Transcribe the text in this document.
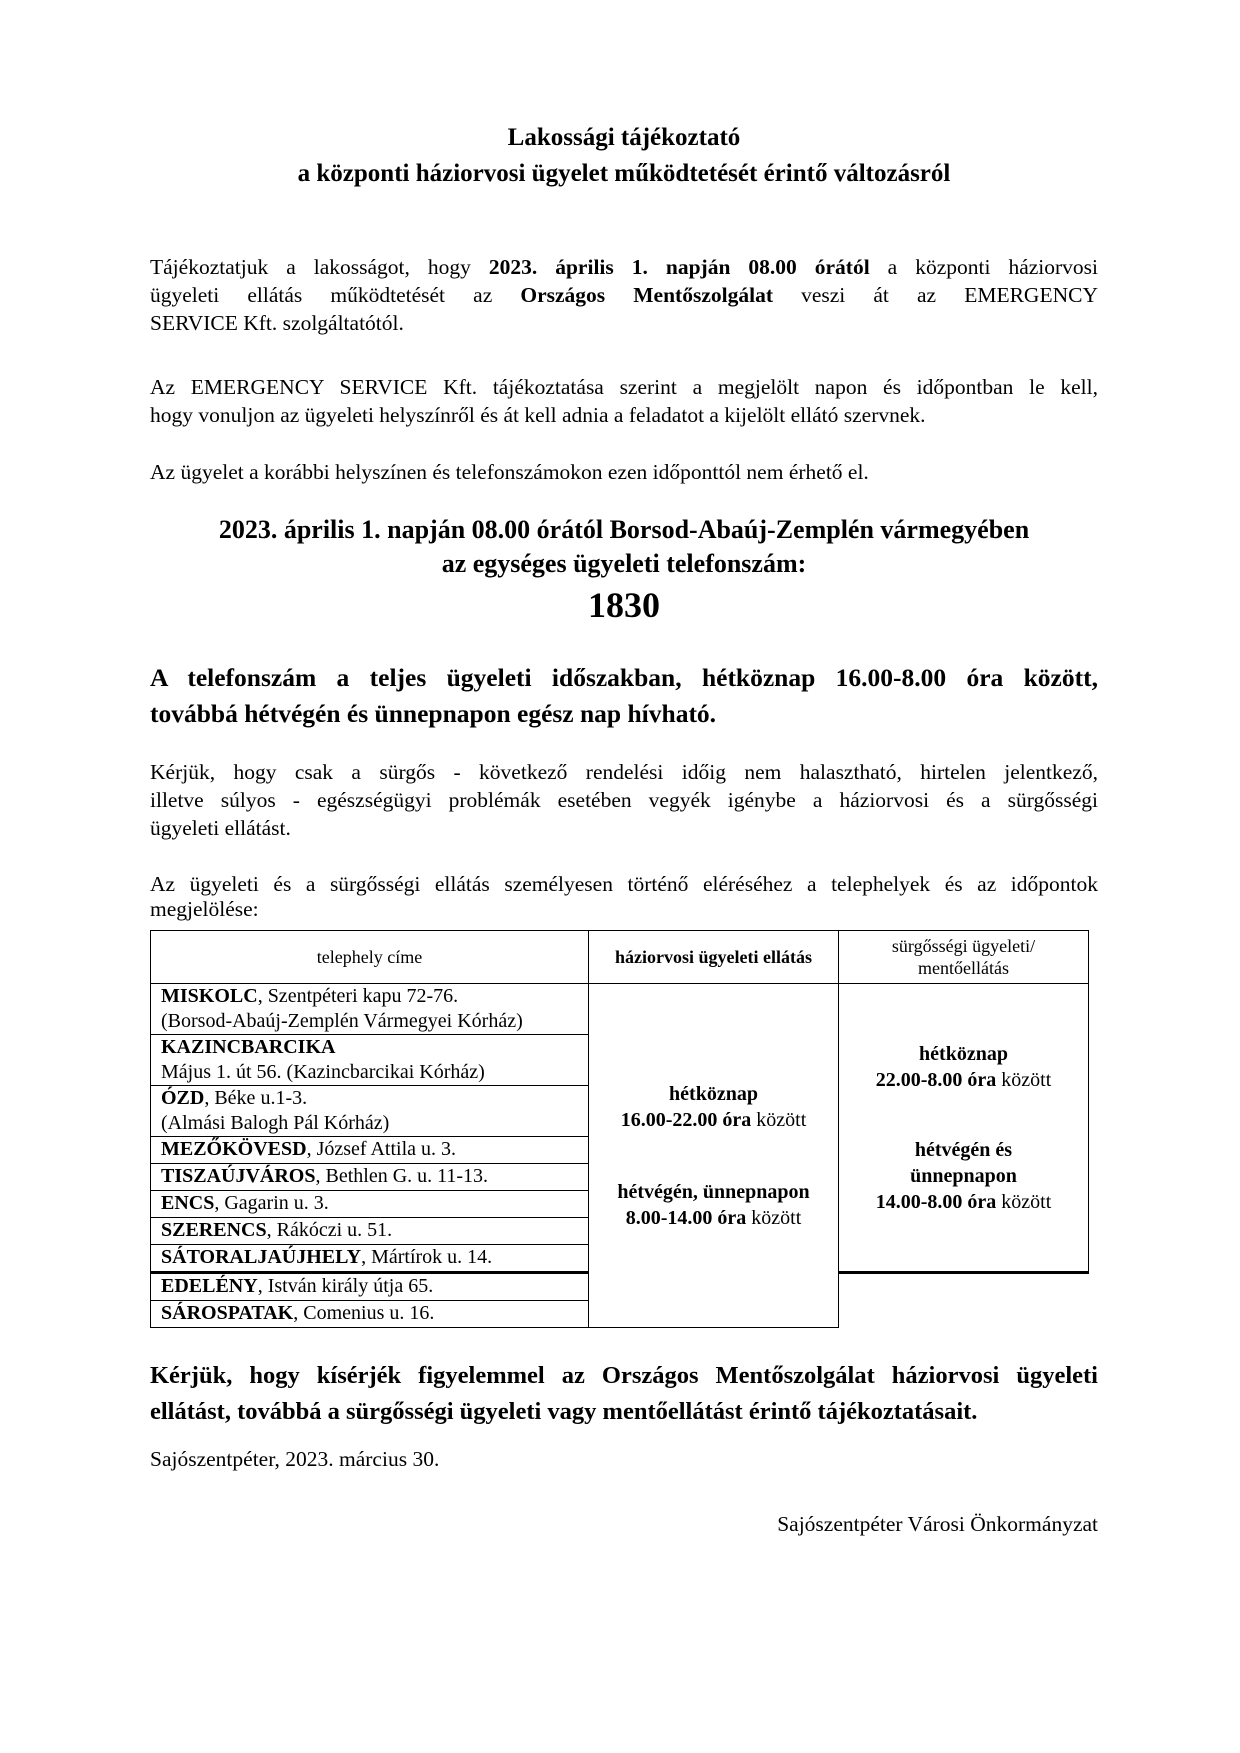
Lakossági tájékoztató
a központi háziorvosi ügyelet működtetését érintő változásról
Tájékoztatjuk a lakosságot, hogy 2023. április 1. napján 08.00 órától a központi háziorvosi
ügyeleti ellátás működtetését az Országos Mentőszolgálat veszi át az EMERGENCY
SERVICE Kft. szolgáltatótól.
Az EMERGENCY SERVICE Kft. tájékoztatása szerint a megjelölt napon és időpontban le kell,
hogy vonuljon az ügyeleti helyszínről és át kell adnia a feladatot a kijelölt ellátó szervnek.
Az ügyelet a korábbi helyszínen és telefonszámokon ezen időponttól nem érhető el.
2023. április 1. napján 08.00 órától Borsod-Abaúj-Zemplén vármegyében
az egységes ügyeleti telefonszám:
1830
A telefonszám a teljes ügyeleti időszakban, hétköznap 16.00-8.00 óra között,
továbbá hétvégén és ünnepnapon egész nap hívható.
Kérjük, hogy csak a sürgős - következő rendelési időig nem halasztható, hirtelen jelentkező,
illetve súlyos - egészségügyi problémák esetében vegyék igénybe a háziorvosi és a sürgősségi
ügyeleti ellátást.
Az ügyeleti és a sürgősségi ellátás személyesen történő eléréséhez a telephelyek és az időpontok
megjelölése:
telephely címe	háziorvosi ügyeleti ellátás	sürgősségi ügyeleti/
mentőellátás

MISKOLC, Szentpéteri kapu 72-76.
(Borsod-Abaúj-Zemplén Vármegyei Kórház)	hétköznap
16.00-22.00 óra között
hétvégén, ünnepnapon
8.00-14.00 óra között	hétköznap
22.00-8.00 óra között
hétvégén és
ünnepnapon
14.00-8.00 óra között

KAZINCBARCIKA
Május 1. út 56. (Kazincbarcikai Kórház)		
ÓZD, Béke u.1-3.
(Almási Balogh Pál Kórház)		
MEZŐKÖVESD, József Attila u. 3.		
TISZAÚJVÁROS, Bethlen G. u. 11-13.		
ENCS, Gagarin u. 3.		
SZERENCS, Rákóczi u. 51.		
SÁTORALJAÚJHELY, Mártírok u. 14.		
EDELÉNY, István király útja 65.		
SÁROSPATAK, Comenius u. 16.		
Kérjük, hogy kísérjék figyelemmel az Országos Mentőszolgálat háziorvosi ügyeleti
ellátást, továbbá a sürgősségi ügyeleti vagy mentőellátást érintő tájékoztatásait.
Sajószentpéter, 2023. március 30.
Sajószentpéter Városi Önkormányzat
